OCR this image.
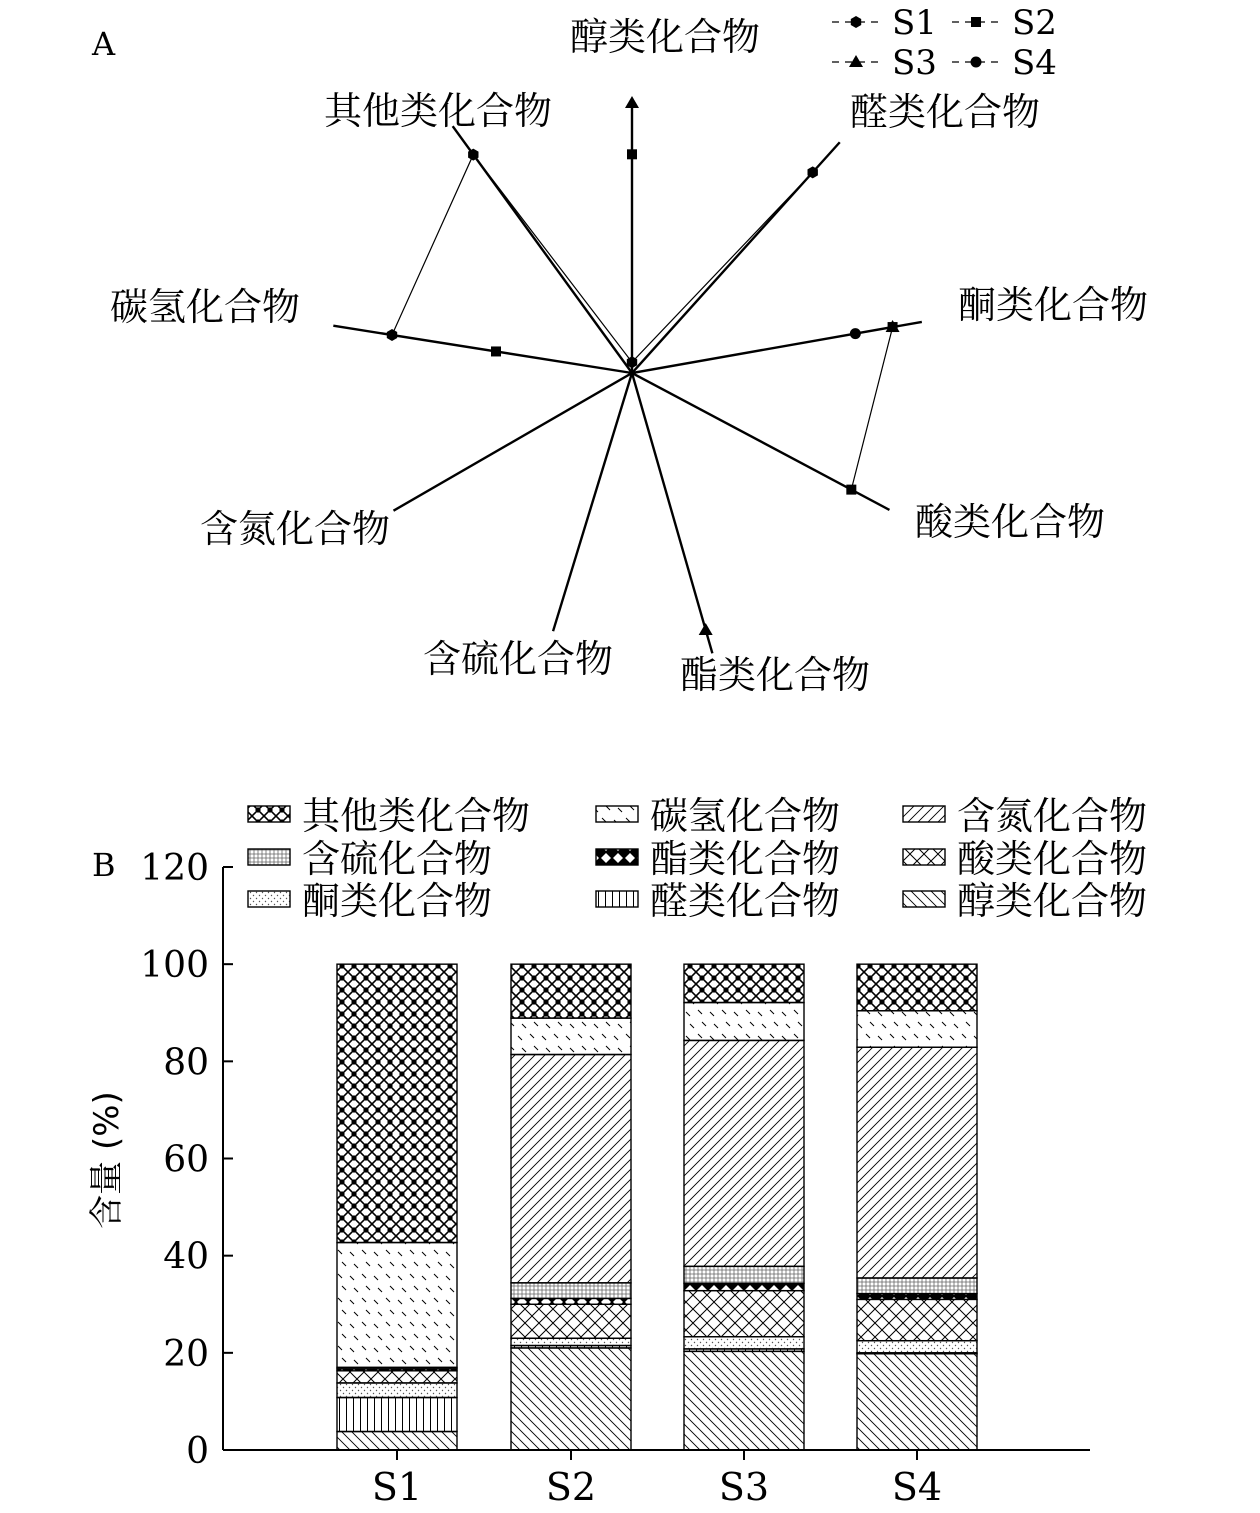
A	醇类化合物
醛类化合物
酮类化合物
酸类化合物
酯类化合物
含硫化合物
含氮化合物
碳氢化合物
其他类化合物
S1 S2
S3 S4
B
含量 (%)
其他类化合物	碳氢化合物	含氮化合物
含硫化合物	酯类化合物	酸类化合物
酮类化合物	醛类化合物	醇类化合物
0
20
40
60
80
100
120
S1	S2	S3	S4
